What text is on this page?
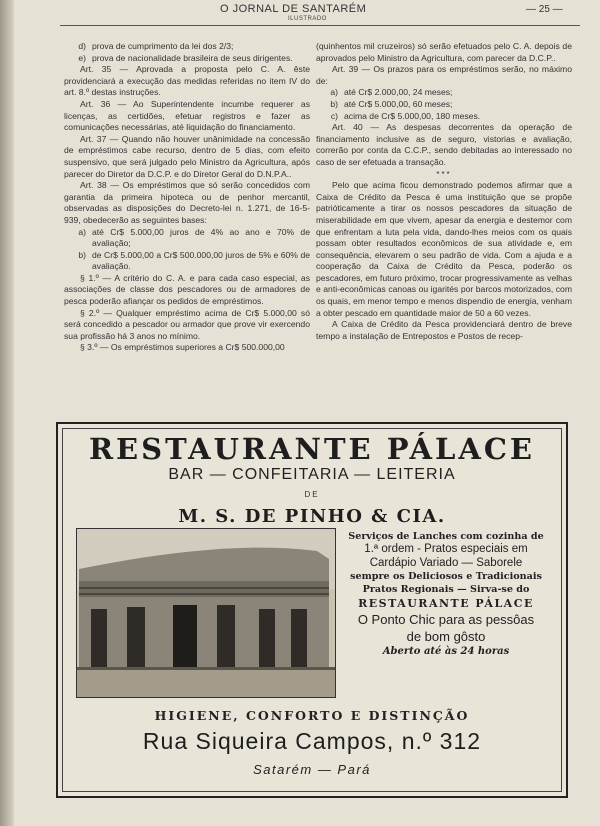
O JORNAL DE SANTARÉM
ILUSTRADO
— 25 —
d) prova de cumprimento da lei dos 2/3;
e) prova de nacionalidade brasileira de seus dirigentes.

Art. 35 — Aprovada a proposta pelo C. A. êste providenciará a execução das medidas referidas no item IV do art. 8.º destas instruções.

Art. 36 — Ao Superintendente incumbe requerer as licenças, as certidões, efetuar registros e fazer as comunicações necessárias, até liquidação do financiamento.

Art. 37 — Quando não houver unânimidade na concessão de empréstimos cabe recurso, dentro de 5 dias, com efeito suspensivo, que será julgado pelo Ministro da Agricultura, após parecer do Diretor da D.C.P. e do Diretor Geral do D.N.P.A..

Art. 38 — Os empréstimos que só serão concedidos com garantia da primeira hipoteca ou de penhor mercantil, observadas as disposições do Decreto-lei n. 1.271, de 16-5-939, obedecerão as seguintes bases:

a) até Cr$ 5.000,00 juros de 4% ao ano e 70% de avaliação;
b) de Cr$ 5.000,00 a Cr$ 500.000,00 juros de 5% e 60% de avaliação.

§ 1.º — A critério do C. A. e para cada caso especial, as associações de classe dos pescadores ou de armadores de pesca poderão afiançar os pedidos de empréstimos.

§ 2.º — Qualquer empréstimo acima de Cr$ 5.000,00 só será concedido a pescador ou armador que prove vir exercendo sua profissão há 3 anos no mínimo.

§ 3.º — Os empréstimos superiores a Cr$ 500.000,00

(quinhentos mil cruzeiros) só serão efetuados pelo C. A. depois de aprovados pelo Ministro da Agricultura, com parecer da D.C.P..

Art. 39 — Os prazos para os empréstimos serão, no máximo de:

a) até Cr$ 2.000,00, 24 meses;
b) até Cr$ 5.000,00, 60 meses;
c) acima de Cr$ 5.000,00, 180 meses.

Art. 40 — As despesas decorrentes da operação de financiamento inclusive as de seguro, vistorias e avaliação, correrão por conta da C.C.P., sendo debitadas ao interessado no caso de ser efetuada a transação.

***

Pelo que acima ficou demonstrado podemos afirmar que a Caixa de Crédito da Pesca é uma instituição que se propõe patrióticamente a tirar os nossos pescadores da situação de miserabilidade em que vivem, apesar da energia e destemor com que enfrentam a luta pela vida, dando-lhes meios com os quais possam obter resultados econômicos de sua atividade e, em consequência, elevarem o seu padrão de vida. Com a ajuda e a cooperação da Caixa de Crédito da Pesca, poderão os pescadores, em futuro próximo, trocar progressivamente as velhas e anti-econômicas canoas ou igarités por barcos motorizados, com os quais, em menor tempo e menos dispendio de energia, venham a obter pescado em quantidade maior de 50 a 60 vezes.

A Caixa de Crédito da Pesca providenciará dentro de breve tempo a instalação de Entrepostos e Postos de recep-

RESTAURANTE PÁLACE
BAR — CONFEITARIA — LEITERIA
DE
M. S. DE PINHO & CIA.
Serviços de Lanches com cozinha de
1.ª ordem - Pratos especiais em
Cardápio Variado — Saborele
sempre os Deliciosos e Tradicionais
Pratos Regionais — Sirva-se do
RESTAURANTE PÁLACE
O Ponto Chic para as pessôas
de bom gôsto
Aberto até às 24 horas
HIGIENE, CONFORTO E DISTINÇÃO
Rua Siqueira Campos, n.º 312
Satarém — Pará
